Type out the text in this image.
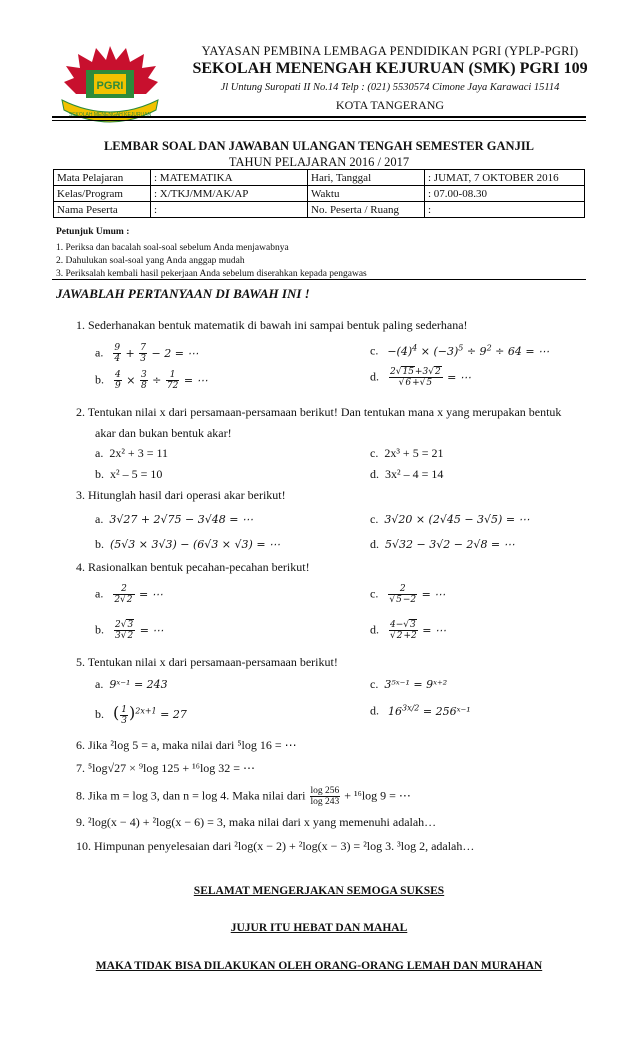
PGRI
SEKOLAH MENENGAH KEJURUAN
YAYASAN PEMBINA LEMBAGA PENDIDIKAN PGRI (YPLP-PGRI)
SEKOLAH MENENGAH KEJURUAN (SMK) PGRI 109
Jl Untung Suropati II No.14 Telp : (021) 5530574 Cimone Jaya Karawaci 15114
KOTA TANGERANG
LEMBAR SOAL DAN JAWABAN ULANGAN TENGAH SEMESTER GANJIL
TAHUN PELAJARAN 2016 / 2017
Mata Pelajaran	: MATEMATIKA	Hari, Tanggal	: JUMAT, 7 OKTOBER 2016
Kelas/Program	: X/TKJ/MM/AK/AP	Waktu	: 07.00-08.30
Nama Peserta	:	No. Peserta / Ruang	:
Petunjuk Umum :
1. Periksa dan bacalah soal-soal sebelum Anda menjawabnya
2. Dahulukan soal-soal yang Anda anggap mudah
3. Periksalah kembali hasil pekerjaan Anda sebelum diserahkan kepada pengawas
JAWABLAH PERTANYAAN DI BAWAH INI !
1. Sederhanakan bentuk matematik di bawah ini sampai bentuk paling sederhana!
a. $\frac{9}{4} + \frac{7}{3} - 2$ = ⋯	c. $-(4)^4 \times (-3)^5 \div 9^2 \div 64$ = ⋯
b. $\frac{4}{9} \times \frac{3}{8} \div \frac{1}{72}$ = ⋯	d. $\frac{2√15+3√2}{√6+√5}$ = ⋯
2. Tentukan nilai x dari persamaan-persamaan berikut! Dan tentukan mana x yang merupakan bentuk
akar dan bukan bentuk akar!
a. 2x² + 3 = 11	c. 2x³ + 5 = 21
b. x² – 5 = 10	d. 3x² – 4 = 14
3. Hitunglah hasil dari operasi akar berikut!
a. 3√27 + 2√75 − 3√48 = ⋯	c. 3√20 × (2√45 − 3√5) = ⋯
b. (5√3 × 3√3) − (6√3 × √3) = ⋯	d. 5√32 − 3√2 − 2√8 = ⋯
4. Rasionalkan bentuk pecahan-pecahan berikut!
a. $\frac{2}{2√2}$ = ⋯	c. $\frac{2}{√5-2}$ = ⋯
b. $\frac{2√3}{3√2}$ = ⋯	d. $\frac{4-√3}{√2+2}$ = ⋯
5. Tentukan nilai x dari persamaan-persamaan berikut!
a. 9ˣ⁻¹ = 243	c. 3⁵ˣ⁻¹ = 9ˣ⁺²
b. ( $\frac{1}{3} )^{2x+1} = 27$	d. $16^{3x/2}$ = 256ˣ⁻¹
6. Jika ²log 5 = a, maka nilai dari ⁵log 16 = ⋯
7. ⁵log√27 × ⁹log 125 + ¹⁶log 32 = ⋯
8. Jika m = log 3, dan n = log 4. Maka nilai dari $\frac{\log 256}{\log 243} + ^{16}\log$ 9 = ⋯
9. ²log(x − 4) + ²log(x − 6) = 3, maka nilai dari x yang memenuhi adalah…
10. Himpunan penyelesaian dari ²log(x − 2) + ²log(x − 3) = ²log 3. ³log 2, adalah…
SELAMAT MENGERJAKAN SEMOGA SUKSES
JUJUR ITU HEBAT DAN MAHAL
MAKA TIDAK BISA DILAKUKAN OLEH ORANG-ORANG LEMAH DAN MURAHAN
